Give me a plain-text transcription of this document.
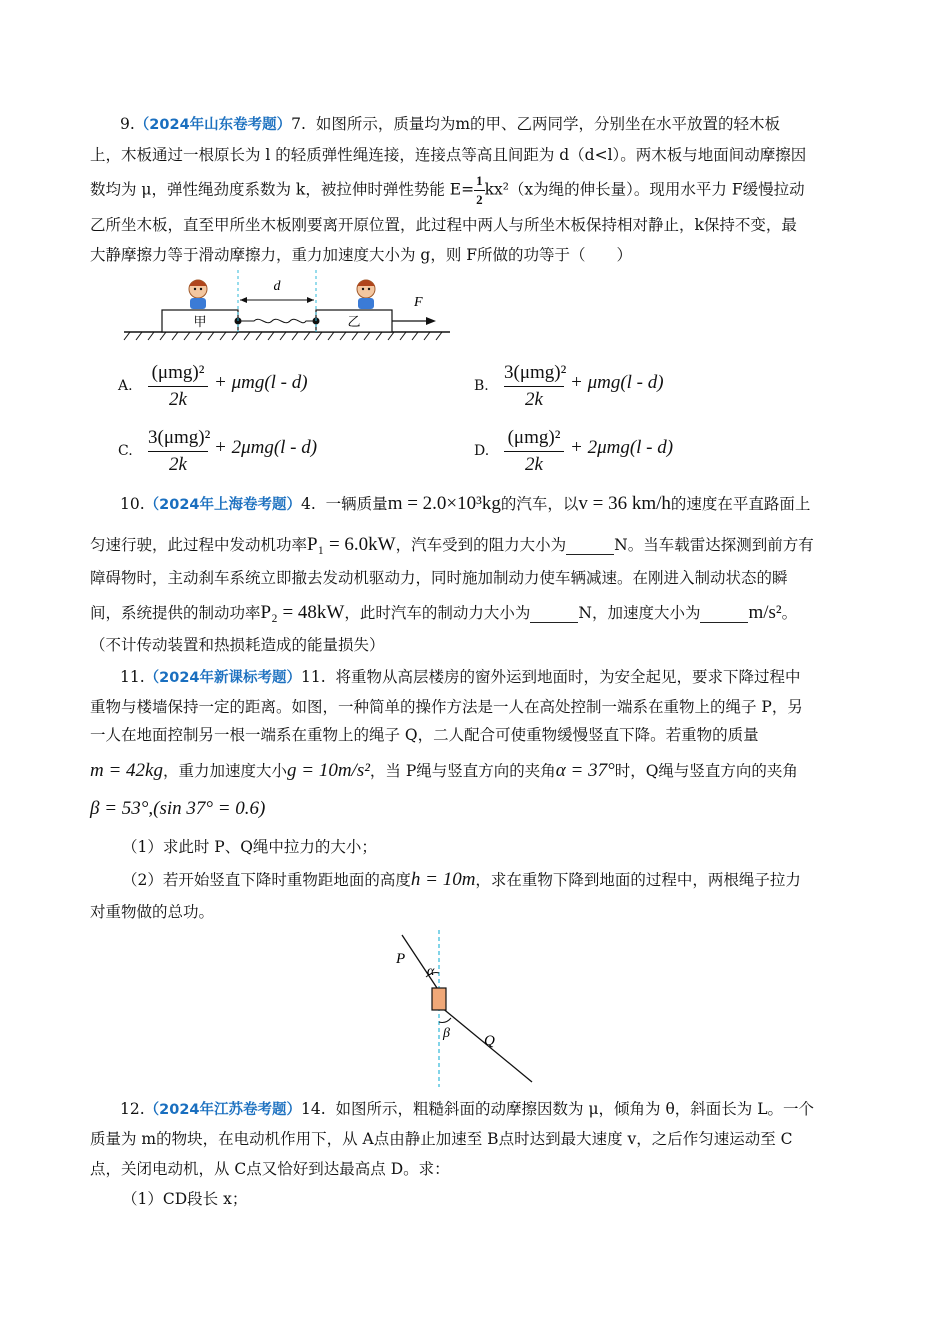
9.（2024年山东卷考题）7. 如图所示，质量均为m的甲、乙两同学，分别坐在水平放置的轻木板
上，木板通过一根原长为 l 的轻质弹性绳连接，连接点等高且间距为 d（d<l）。两木板与地面间动摩擦因
数均为 μ，弹性绳劲度系数为 k，被拉伸时弹性势能 $E= \frac{1}{2} kx^2(x$为绳的伸长量）。现用水平力 F缓慢拉动
乙所坐木板，直至甲所坐木板刚要离开原位置，此过程中两人与所坐木板保持相对静止，k保持不变，最
大静摩擦力等于滑动摩擦力，重力加速度大小为 g，则 F所做的功等于（　　）
甲	乙
d
F
A.
(μmg)²
2k
+ μmg(l - d)	B.
3(μmg)²
2k
+ μmg(l - d)
C.
3(μmg)²
2k
+ 2μmg(l - d)	D.
(μmg)²
2k
+ 2μmg(l - d)
10.（2024年上海卷考题）4. 一辆质量m = 2.0×10³kg的汽车，以v = 36 km/h的速度在平直路面上
匀速行驶，此过程中发动机功率P₁ = 6.0kW，汽车受到的阻力大小为	N。当车载雷达探测到前方有
障碍物时，主动刹车系统立即撤去发动机驱动力，同时施加制动力使车辆减速。在刚进入制动状态的瞬
间，系统提供的制动功率P₂ = 48kW，此时汽车的制动力大小为	N，加速度大小为	m/s²。
（不计传动装置和热损耗造成的能量损失）
11.（2024年新课标考题）11. 将重物从高层楼房的窗外运到地面时，为安全起见，要求下降过程中
重物与楼墙保持一定的距离。如图，一种简单的操作方法是一人在高处控制一端系在重物上的绳子 P，另
一人在地面控制另一根一端系在重物上的绳子 Q，二人配合可使重物缓慢竖直下降。若重物的质量
m = 42kg，重力加速度大小g = 10m/s²，当 P绳与竖直方向的夹角α = 37°时，Q绳与竖直方向的夹角
β = 53°,(sin 37° = 0.6)
（1）求此时 P、Q绳中拉力的大小；
（2）若开始竖直下降时重物距地面的高度h = 10m，求在重物下降到地面的过程中，两根绳子拉力
对重物做的总功。
P
α
β Q
12.（2024年江苏卷考题）14. 如图所示，粗糙斜面的动摩擦因数为 μ，倾角为 θ，斜面长为 L。一个
质量为 m的物块，在电动机作用下，从 A点由静止加速至 B点时达到最大速度 v，之后作匀速运动至 C
点，关闭电动机，从 C点又恰好到达最高点 D。求：
（1）CD段长 x；
